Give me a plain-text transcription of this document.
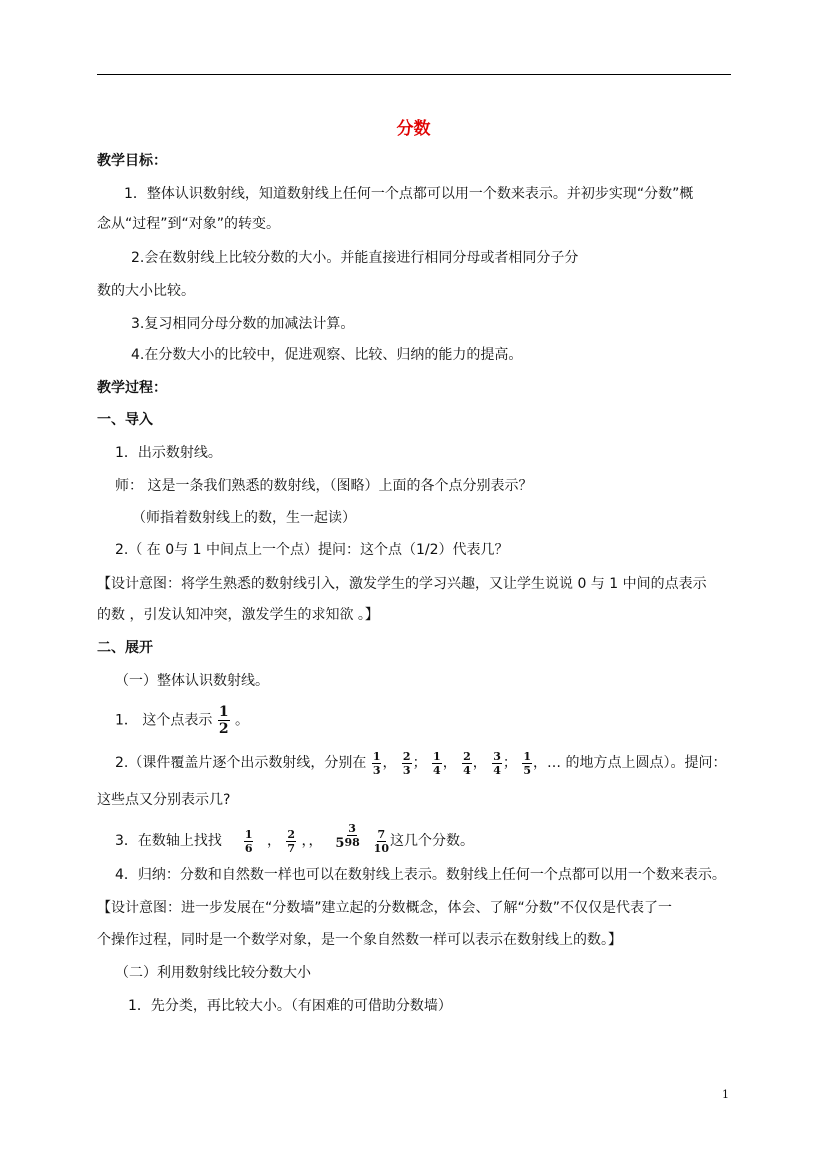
分数
教学目标：
1．整体认识数射线，知道数射线上任何一个点都可以用一个数来表示。并初步实现“分数”概
念从“过程”到“对象”的转变。
2.会在数射线上比较分数的大小。并能直接进行相同分母或者相同分子分
数的大小比较。
3.复习相同分母分数的加减法计算。
4.在分数大小的比较中，促进观察、比较、归纳的能力的提高。
教学过程：
一、导入
1．出示数射线。
师： 这是一条我们熟悉的数射线，（图略）上面的各个点分别表示？
（师指着数射线上的数，生一起读）
2.（ 在 0与 1 中间点上一个点）提问：这个点（1/2）代表几？
【设计意图：将学生熟悉的数射线引入，激发学生的学习兴趣，又让学生说说 0 与 1 中间的点表示
的数 ，引发认知冲突，激发学生的求知欲 。】
二、展开
（一）整体认识数射线。
1． 这个点表示 $\frac{1}{2}$ 。
2.（课件覆盖片逐个出示数射线，分别在 $\frac{1}{3}$ ， $\frac{2}{3}$ ； $\frac{1}{4}$ ， $\frac{2}{4}$ ， $\frac{3}{4}$ ； $\frac{1}{5}$ ，… 的地方点上圆点）。提问：
这些点又分别表示几?
3．在数轴上找找 $\frac{1}{6}$ ， $\frac{2}{7}$ ，， $5 \frac{3}{98}$
$\frac{7}{10}$ 这几个分数。
4．归纳：分数和自然数一样也可以在数射线上表示。数射线上任何一个点都可以用一个数来表示。
【设计意图：进一步发展在“分数墙”建立起的分数概念，体会、了解“分数”不仅仅是代表了一
个操作过程，同时是一个数学对象，是一个象自然数一样可以表示在数射线上的数。】
（二）利用数射线比较分数大小
1．先分类，再比较大小。（有困难的可借助分数墙）
1
